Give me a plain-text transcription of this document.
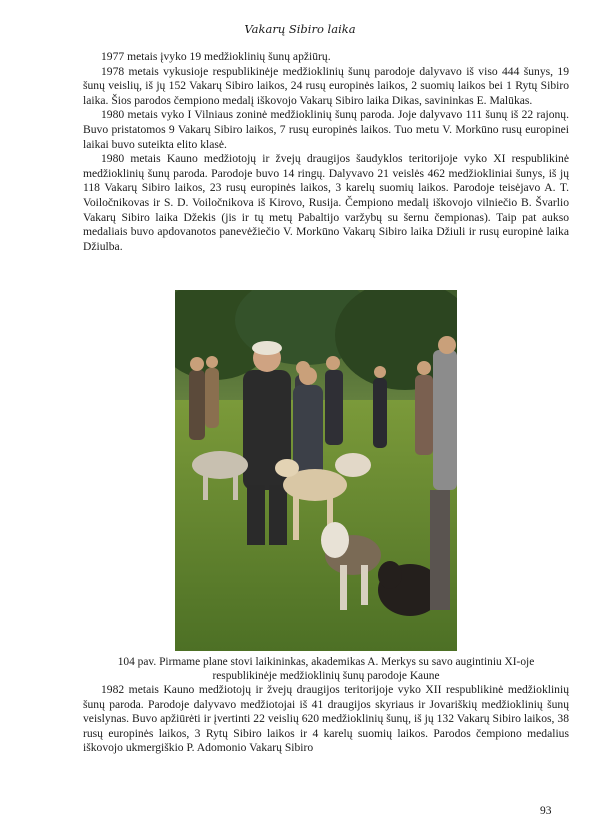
Vakarų Sibiro laika

1977 metais įvyko 19 medžioklinių šunų apžiūrų.

1978 metais vykusioje respublikinėje medžioklinių šunų parodoje dalyvavo iš viso 444 šunys, 19 šunų veislių, iš jų 152 Vakarų Sibiro laikos, 24 rusų europinės laikos, 2 suomių laikos bei 1 Rytų Sibiro laika. Šios parodos čempiono medalį iškovojo Vakarų Sibiro laika Dikas, savininkas E. Malūkas.

1980 metais vyko I Vilniaus zoninė medžioklinių šunų paroda. Joje dalyvavo 111 šunų iš 22 rajonų. Buvo pristatomos 9 Vakarų Sibiro laikos, 7 rusų europinės laikos. Tuo metu V. Morkūno rusų europinei laikai buvo suteikta elito klasė.

1980 metais Kauno medžiotojų ir žvejų draugijos šaudyklos teritorijoje vyko XI respublikinė medžioklinių šunų paroda. Parodoje buvo 14 ringų. Dalyvavo 21 veislės 462 medžiokliniai šunys, iš jų 118 Vakarų Sibiro laikos, 23 rusų europinės laikos, 3 karelų suomių laikos. Parodoje teisėjavo A. T. Voiločnikovas ir S. D. Voiločnikova iš Kirovo, Rusija. Čempiono medalį iškovojo vilniečio B. Švarlio Vakarų Sibiro laika Džekis (jis ir tų metų Pabaltijo varžybų su šernu čempionas). Taip pat aukso medaliais buvo apdovanotos panevėžiečio V. Morkūno Vakarų Sibiro laika Džiuli ir rusų europinė laika Džiulba.

104 pav. Pirmame plane stovi laikininkas, akademikas A. Merkys su savo augintiniu XI-oje
respublikinėje medžioklinių šunų parodoje Kaune

1982 metais Kauno medžiotojų ir žvejų draugijos teritorijoje vyko XII respublikinė medžioklinių šunų paroda. Parodoje dalyvavo medžiotojai iš 41 draugijos skyriaus ir Jovariškių medžioklinių šunų veislynas. Buvo apžiūrėti ir įvertinti 22 veislių 620 medžioklinių šunų, iš jų 132 Vakarų Sibiro laikos, 38 rusų europinės laikos, 3 Rytų Sibiro laikos ir 4 karelų suomių laikos. Parodos čempiono medalius iškovojo ukmergiškio P. Adomonio Vakarų Sibiro

93
